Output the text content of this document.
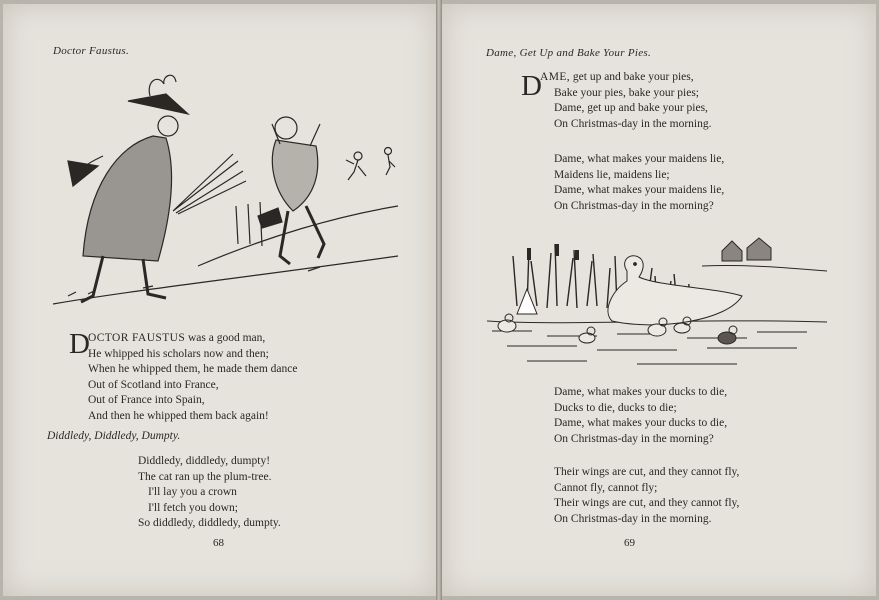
Doctor Faustus.
D
OCTOR FAUSTUS was a good man,
He whipped his scholars now and then;
When he whipped them, he made them dance
Out of Scotland into France,
Out of France into Spain,
And then he whipped them back again!
Diddledy, Diddledy, Dumpty.
Diddledy, diddledy, dumpty!
The cat ran up the plum-tree.
I'll lay you a crown
I'll fetch you down;
So diddledy, diddledy, dumpty.
68
Dame, Get Up and Bake Your Pies.
D
AME, get up and bake your pies,
Bake your pies, bake your pies;
Dame, get up and bake your pies,
On Christmas-day in the morning.
Dame, what makes your maidens lie,
Maidens lie, maidens lie;
Dame, what makes your maidens lie,
On Christmas-day in the morning?
Dame, what makes your ducks to die,
Ducks to die, ducks to die;
Dame, what makes your ducks to die,
On Christmas-day in the morning?
Their wings are cut, and they cannot fly,
Cannot fly, cannot fly;
Their wings are cut, and they cannot fly,
On Christmas-day in the morning.
69
